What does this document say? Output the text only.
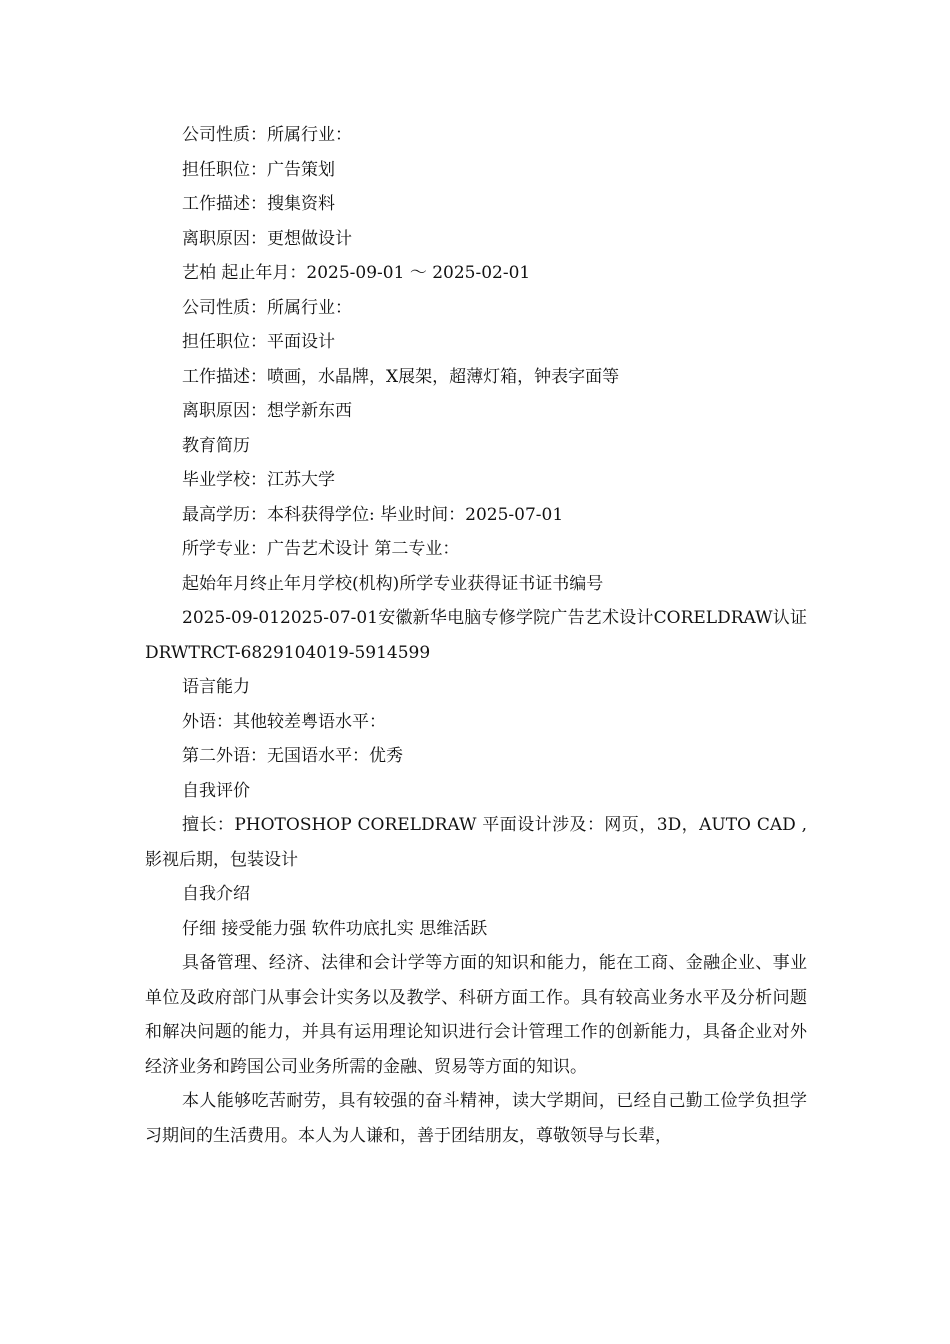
公司性质：所属行业：

担任职位：广告策划

工作描述：搜集资料

离职原因：更想做设计

艺柏 起止年月：2025-09-01 ～ 2025-02-01

公司性质：所属行业：

担任职位：平面设计

工作描述：喷画，水晶牌，X展架，超薄灯箱，钟表字面等

离职原因：想学新东西

教育简历

毕业学校：江苏大学

最高学历：本科获得学位: 毕业时间：2025-07-01

所学专业：广告艺术设计 第二专业：

起始年月终止年月学校(机构)所学专业获得证书证书编号

2025-09-012025-07-01安徽新华电脑专修学院广告艺术设计CORELDRAW认证DRWTRCT-6829104019-5914599

语言能力

外语：其他较差粤语水平：

第二外语：无国语水平：优秀

自我评价

擅长：PHOTOSHOP CORELDRAW 平面设计涉及：网页，3D，AUTO CAD ,影视后期，包装设计

自我介绍

仔细 接受能力强 软件功底扎实 思维活跃

具备管理、经济、法律和会计学等方面的知识和能力，能在工商、金融企业、事业单位及政府部门从事会计实务以及教学、科研方面工作。具有较高业务水平及分析问题和解决问题的能力，并具有运用理论知识进行会计管理工作的创新能力，具备企业对外经济业务和跨国公司业务所需的金融、贸易等方面的知识。

本人能够吃苦耐劳，具有较强的奋斗精神，读大学期间，已经自己勤工俭学负担学习期间的生活费用。本人为人谦和，善于团结朋友，尊敬领导与长辈，
